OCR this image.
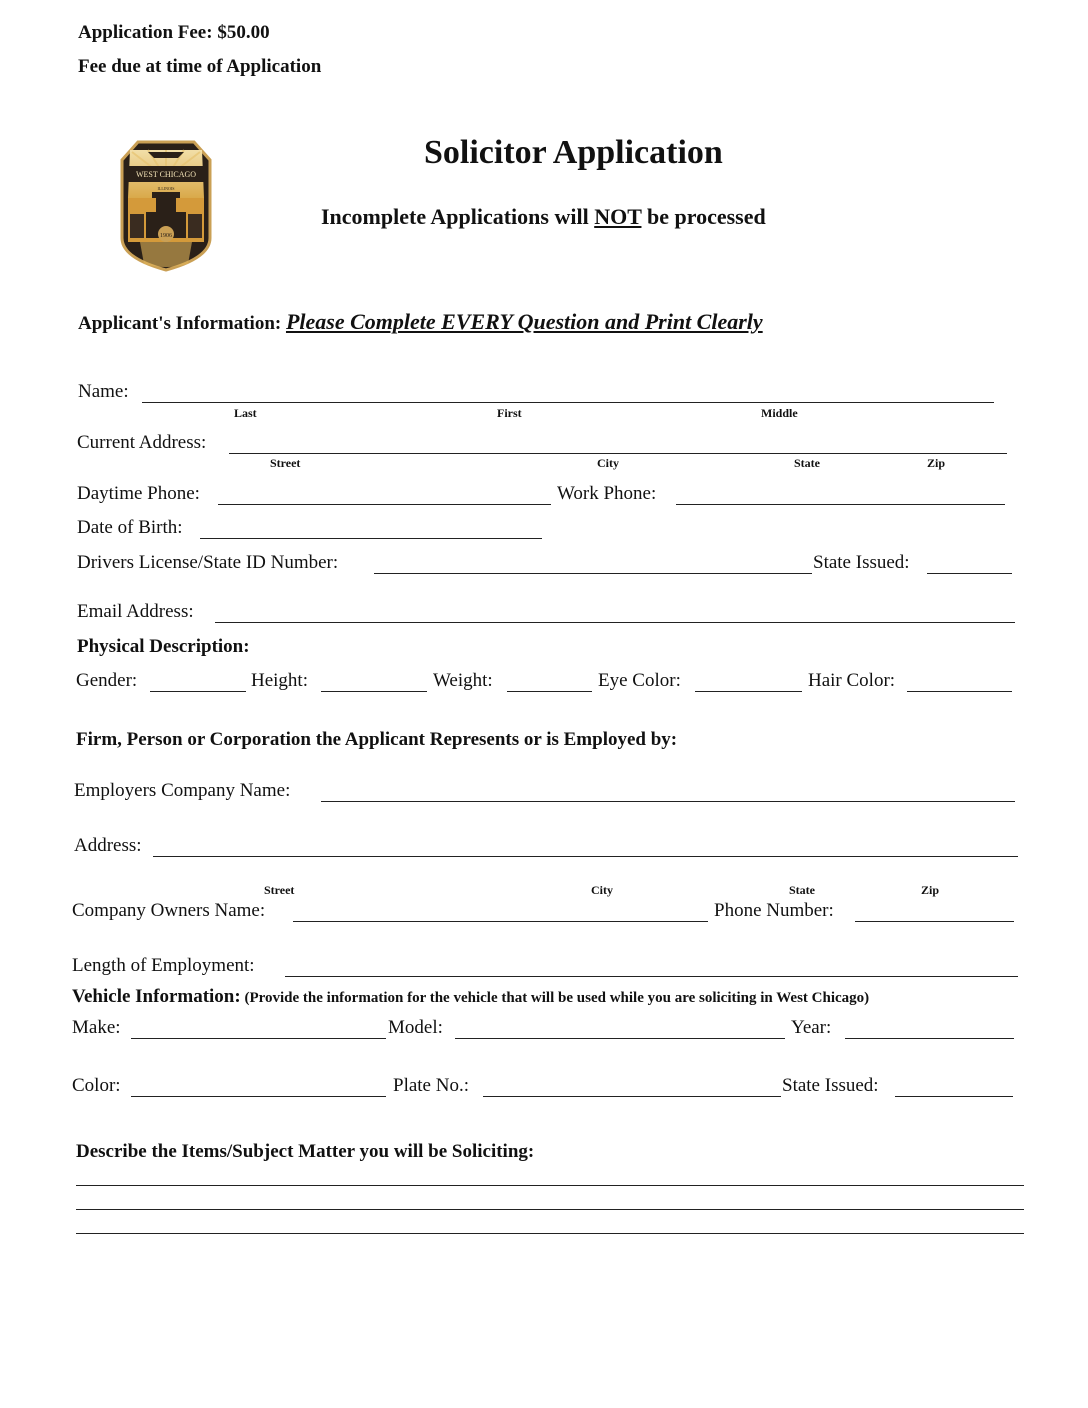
Application Fee: $50.00
Fee due at time of Application
WEST CHICAGO
ILLINOIS
1906
Solicitor Application
Incomplete Applications will NOT be processed
Applicant's Information: Please Complete EVERY Question and Print Clearly
Name:
Last	First	Middle
Current Address:
Street	City	State	Zip
Daytime Phone:	Work Phone:
Date of Birth:
Drivers License/State ID Number:	State Issued:
Email Address:
Physical Description:
Gender:	Height:	Weight:	Eye Color:	Hair Color:
Firm, Person or Corporation the Applicant Represents or is Employed by:
Employers Company Name:
Address:
Street	City	State	Zip
Company Owners Name:	Phone Number:
Length of Employment:
Vehicle Information: (Provide the information for the vehicle that will be used while you are soliciting in West Chicago)
Make:	Model:	Year:
Color:	Plate No.:	State Issued:
Describe the Items/Subject Matter you will be Soliciting:
